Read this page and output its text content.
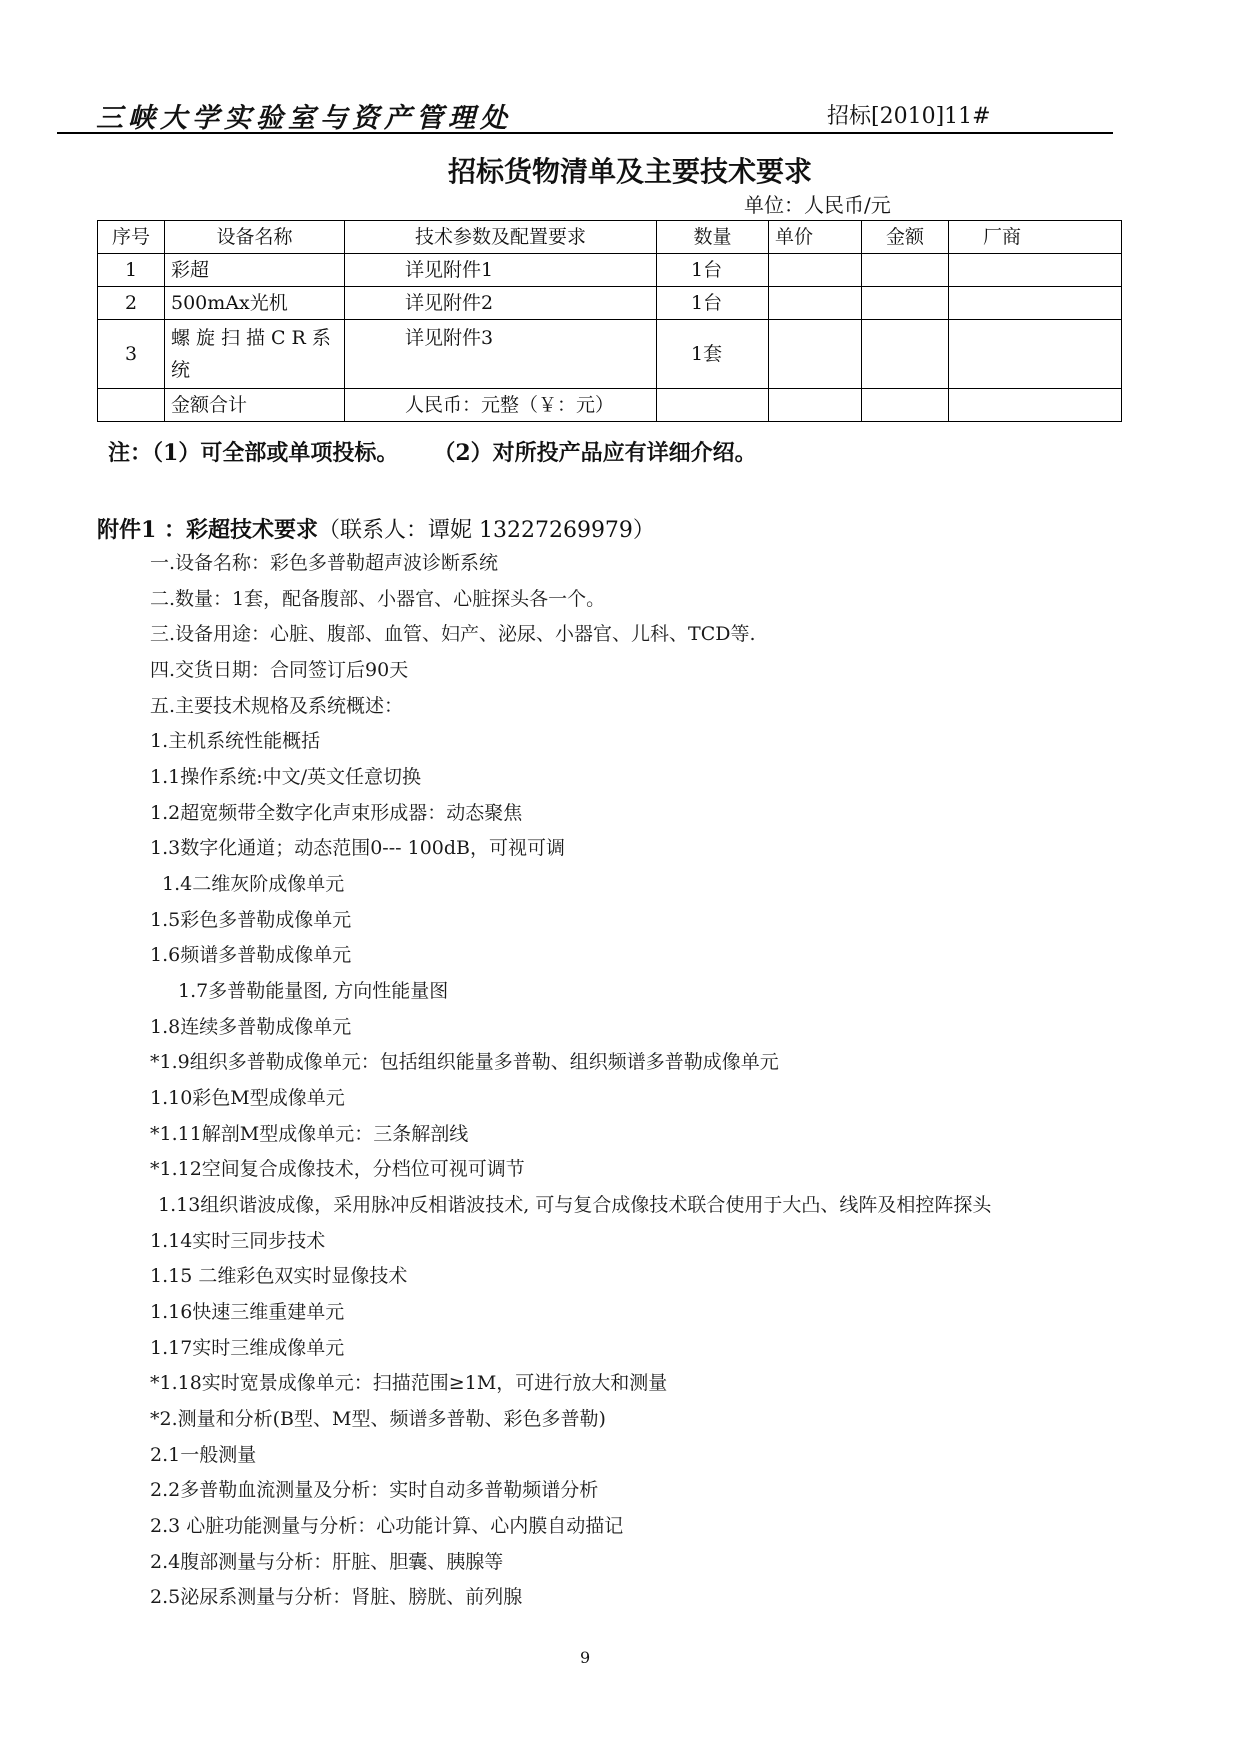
三峡大学实验室与资产管理处	招标[2010]11#
招标货物清单及主要技术要求
单位：人民币/元
序号	设备名称	技术参数及配置要求	数量	单价	金额	厂商
1	彩超	详见附件1	1台			
2	500mAx光机	详见附件2	1台			
3	螺旋扫描CR系统	详见附件3	1套			
	金额合计	人民币：元整（￥：元）				
注：（1）可全部或单项投标。 （2）对所投产品应有详细介绍。
附件1 ：彩超技术要求（联系人：谭妮 13227269979）
一.设备名称：彩色多普勒超声波诊断系统
二.数量：1套，配备腹部、小器官、心脏探头各一个。
三.设备用途：心脏、腹部、血管、妇产、泌尿、小器官、儿科、TCD等.
四.交货日期：合同签订后90天
五.主要技术规格及系统概述：
1.主机系统性能概括
1.1操作系统:中文/英文任意切换
1.2超宽频带全数字化声束形成器：动态聚焦
1.3数字化通道；动态范围0--- 100dB，可视可调
1.4二维灰阶成像单元
1.5彩色多普勒成像单元
1.6频谱多普勒成像单元
1.7多普勒能量图, 方向性能量图
1.8连续多普勒成像单元
*1.9组织多普勒成像单元：包括组织能量多普勒、组织频谱多普勒成像单元
1.10彩色M型成像单元
*1.11解剖M型成像单元：三条解剖线
*1.12空间复合成像技术，分档位可视可调节
1.13组织谐波成像，采用脉冲反相谐波技术, 可与复合成像技术联合使用于大凸、线阵及相控阵探头
1.14实时三同步技术
1.15 二维彩色双实时显像技术
1.16快速三维重建单元
1.17实时三维成像单元
*1.18实时宽景成像单元：扫描范围≥1M，可进行放大和测量
*2.测量和分析(B型、M型、频谱多普勒、彩色多普勒)
2.1一般测量
2.2多普勒血流测量及分析：实时自动多普勒频谱分析
2.3 心脏功能测量与分析：心功能计算、心内膜自动描记
2.4腹部测量与分析：肝脏、胆囊、胰腺等
2.5泌尿系测量与分析：肾脏、膀胱、前列腺
9
